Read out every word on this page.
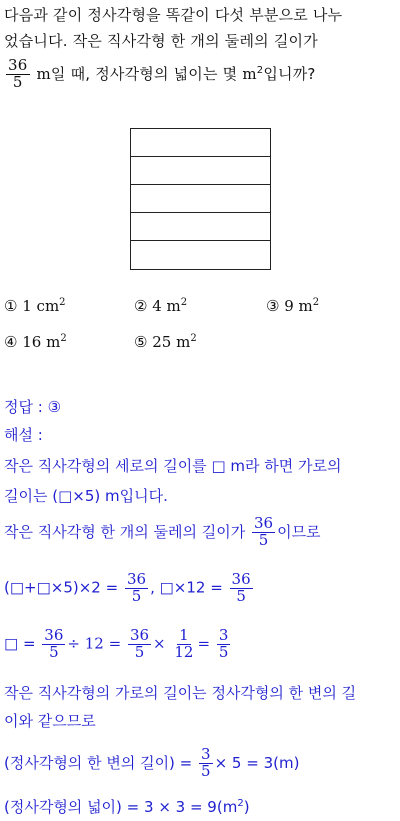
다음과 같이 정사각형을 똑같이 다섯 부분으로 나누
었습니다. 작은 직사각형 한 개의 둘레의 길이가
$\frac{36}{5}$ m일 때, 정사각형의 넓이는 몇 $m^2$입니까?
① 1 $cm^2$	② 4 $m^2$	③ 9 $m^2$
④ 16 $m^2$	⑤ 25 $m^2$
정답 : ③
해설 :
작은 직사각형의 세로의 길이를 □ m라 하면 가로의
길이는 (□×5) m입니다.
작은 직사각형 한 개의 둘레의 길이가 $\frac{36}{5}$ 이므로
(□+□×5)×2 = $\frac{36}{5}$ , □×12 = $\frac{36}{5}$
□ = $\frac{36}{5} \div 12 = \frac{36}{5} \times \frac{1}{12} = \frac{3}{5}$
작은 직사각형의 가로의 길이는 정사각형의 한 변의 길
이와 같으므로
(정사각형의 한 변의 길이) = $\frac{3}{5} \times 5 = 3(m)$
(정사각형의 넓이) = $3 \times 3 = 9(m^2)$
